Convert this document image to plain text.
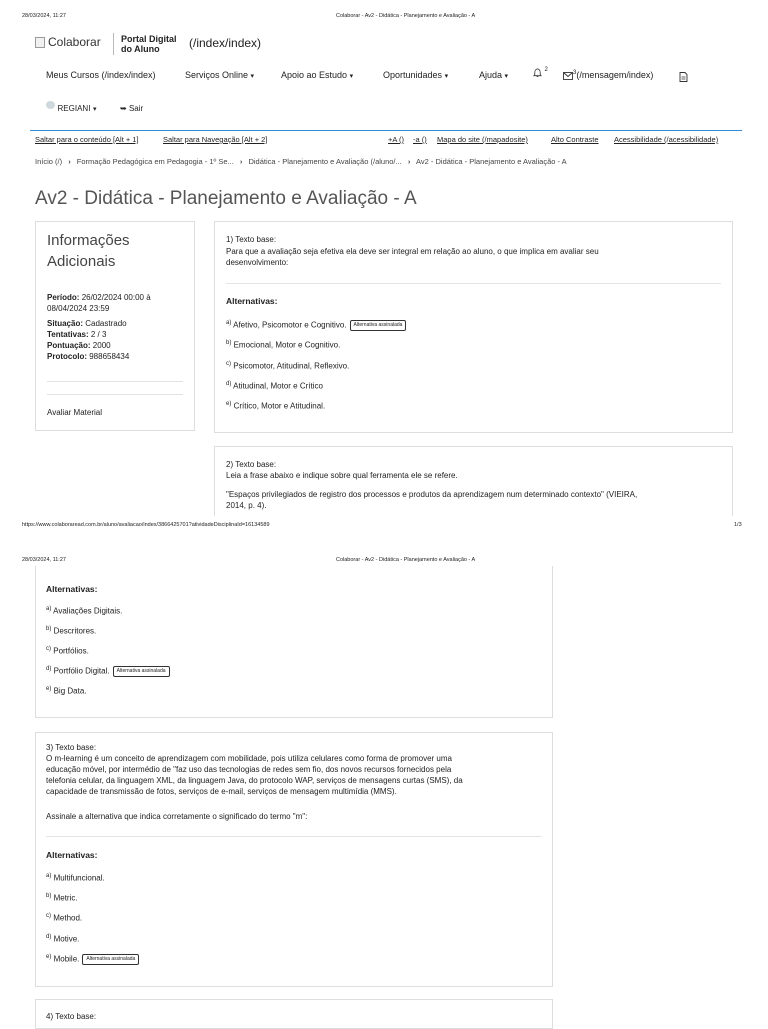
28/03/2024, 11:27	Colaborar - Av2 - Didática - Planejamento e Avaliação - A
Colaborar Portal Digital
do Aluno	(/index/index)
Meus Cursos (/index/index)	Serviços Online ▾	Apoio ao Estudo ▾	Oportunidades ▾	Ajuda ▾
$^2$	$^3$(/mensagem/index)
REGIANI ▾	➥ Sair
Saltar para o conteúdo [Alt + 1]	Saltar para Navegação [Alt + 2]	+A () -a () Mapa do site (/mapadosite)	Alto Contraste Acessibilidade (/acessibilidade)
Início (/) › Formação Pedagógica em Pedagogia - 1º Se... › Didática - Planejamento e Avaliação (/aluno/... › Av2 - Didática - Planejamento e Avaliação - A
Av2 - Didática - Planejamento e Avaliação - A
Informações
Adicionais
Período: 26/02/2024 00:00 à
08/04/2024 23:59
Situação: Cadastrado
Tentativas: 2 / 3
Pontuação: 2000
Protocolo: 988658434
Avaliar Material
1) Texto base:
Para que a avaliação seja efetiva ela deve ser integral em relação ao aluno, o que implica em avaliar seu
desenvolvimento:
Alternativas:
$^{a)}$ Afetivo, Psicomotor e Cognitivo. Alternativa assinalada
$^{b)}$ Emocional, Motor e Cognitivo.
$^{c)}$ Psicomotor, Atitudinal, Reflexivo.
$^{d)}$ Atitudinal, Motor e Crítico
$^{e)}$ Crítico, Motor e Atitudinal.
2) Texto base:
Leia a frase abaixo e indique sobre qual ferramenta ele se refere.
"Espaços privilegiados de registro dos processos e produtos da aprendizagem num determinado contexto" (VIEIRA,
2014, p. 4).
https://www.colaboraread.com.br/aluno/avaliacao/index/3866425701?atividadeDisciplinaId=16134589	1/3
28/03/2024, 11:27	Colaborar - Av2 - Didática - Planejamento e Avaliação - A
Alternativas:
$^{a)}$ Avaliações Digitais.
$^{b)}$ Descritores.
$^{c)}$ Portfólios.
$^{d)}$ Portfólio Digital. Alternativa assinalada
$^{e)}$ Big Data.
3) Texto base:
O m-learning é um conceito de aprendizagem com mobilidade, pois utiliza celulares como forma de promover uma
educação móvel, por intermédio de "faz uso das tecnologias de redes sem fio, dos novos recursos fornecidos pela
telefonia celular, da linguagem XML, da linguagem Java, do protocolo WAP, serviços de mensagens curtas (SMS), da
capacidade de transmissão de fotos, serviços de e-mail, serviços de mensagem multimídia (MMS).
Assinale a alternativa que indica corretamente o significado do termo "m":
Alternativas:
$^{a)}$ Multifuncional.
$^{b)}$ Metric.
$^{c)}$ Method.
$^{d)}$ Motive.
$^{e)}$ Mobile. Alternativa assinalada
4) Texto base:
